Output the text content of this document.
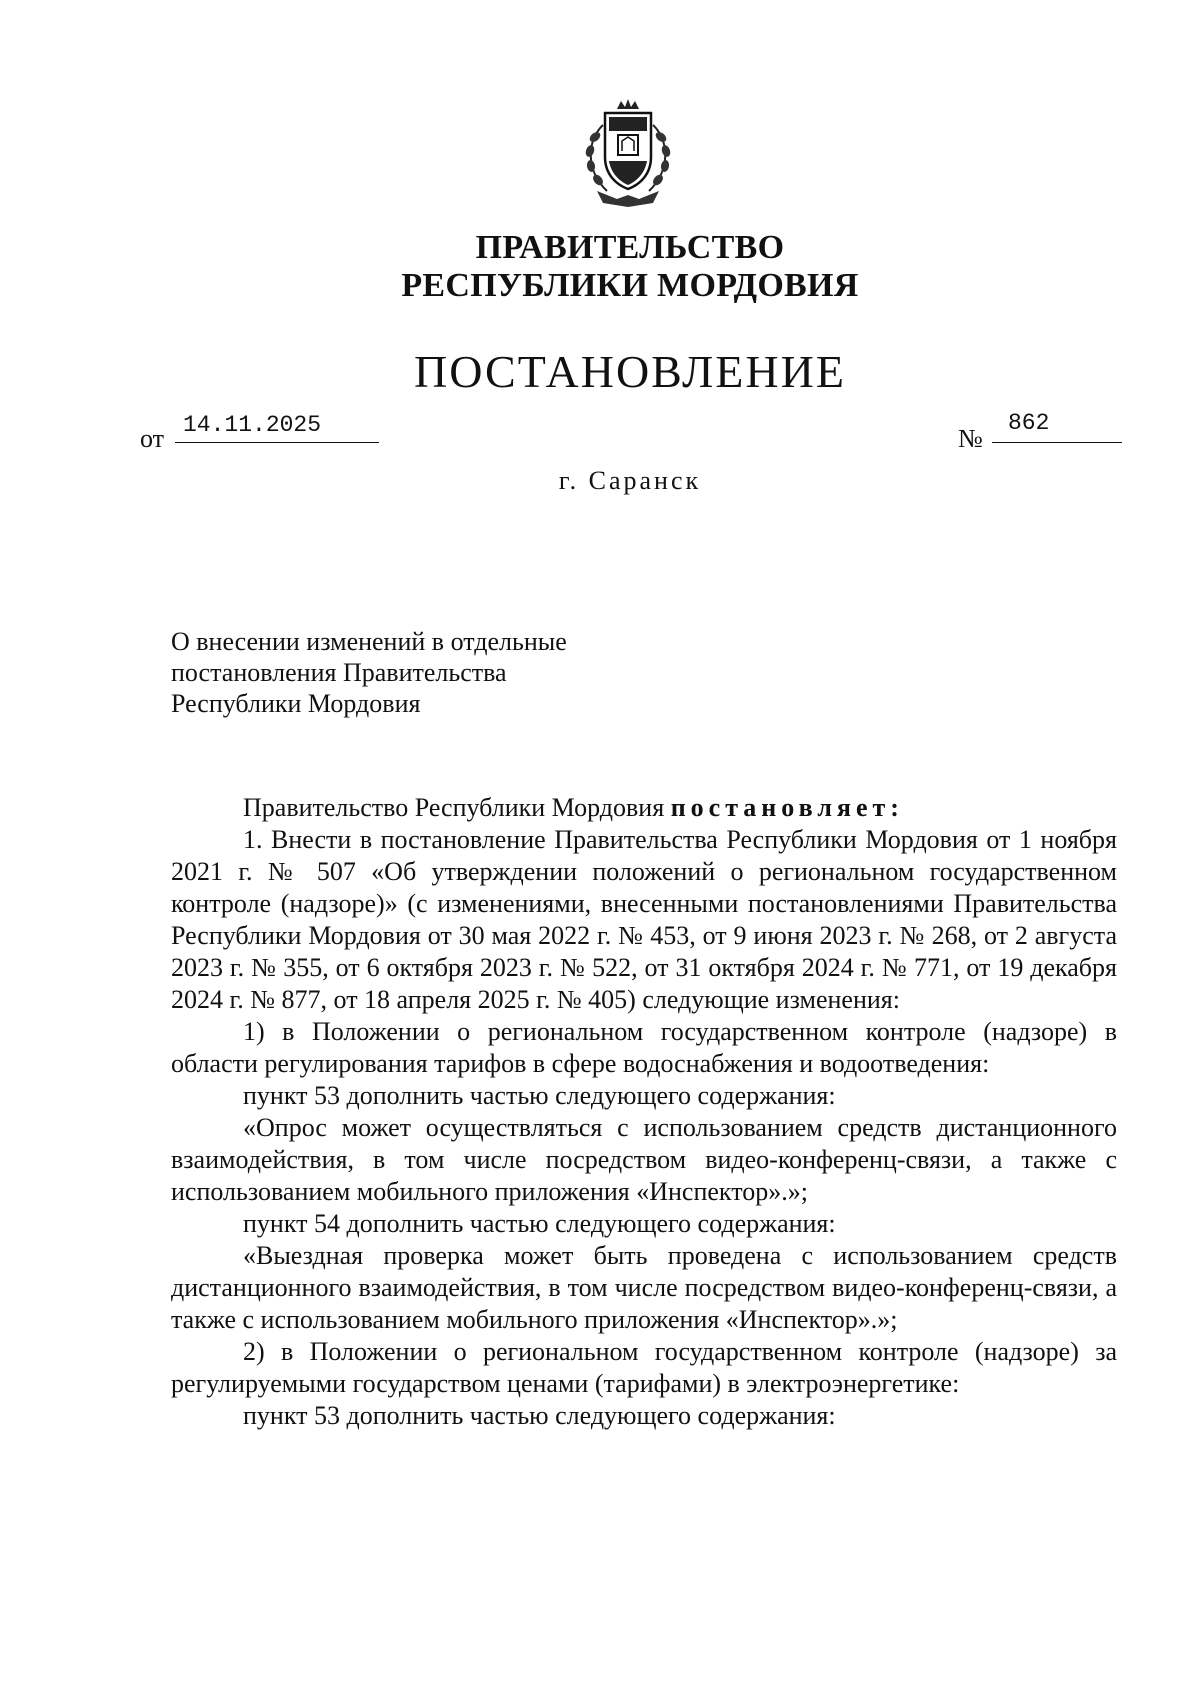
ПРАВИТЕЛЬСТВО
РЕСПУБЛИКИ МОРДОВИЯ
ПОСТАНОВЛЕНИЕ
от 14.11.2025	№
862
г. Саранск
О внесении изменений в отдельные
постановления Правительства
Республики Мордовия

Правительство Республики Мордовия постановляет:

1. Внести в постановление Правительства Республики Мордовия от 1 ноября 2021 г. № 507 «Об утверждении положений о региональном государственном контроле (надзоре)» (с изменениями, внесенными постановлениями Правительства Республики Мордовия от 30 мая 2022 г. № 453, от 9 июня 2023 г. № 268, от 2 августа 2023 г. № 355, от 6 октября 2023 г. № 522, от 31 октября 2024 г. № 771, от 19 декабря 2024 г. № 877, от 18 апреля 2025 г. № 405) следующие изменения:

1) в Положении о региональном государственном контроле (надзоре) в области регулирования тарифов в сфере водоснабжения и водоотведения:

пункт 53 дополнить частью следующего содержания:

«Опрос может осуществляться с использованием средств дистанционного взаимодействия, в том числе посредством видео-конференц-связи, а также с использованием мобильного приложения «Инспектор».»;

пункт 54 дополнить частью следующего содержания:

«Выездная проверка может быть проведена с использованием средств дистанционного взаимодействия, в том числе посредством видео-конференц-связи, а также с использованием мобильного приложения «Инспектор».»;

2) в Положении о региональном государственном контроле (надзоре) за регулируемыми государством ценами (тарифами) в электроэнергетике:

пункт 53 дополнить частью следующего содержания:
